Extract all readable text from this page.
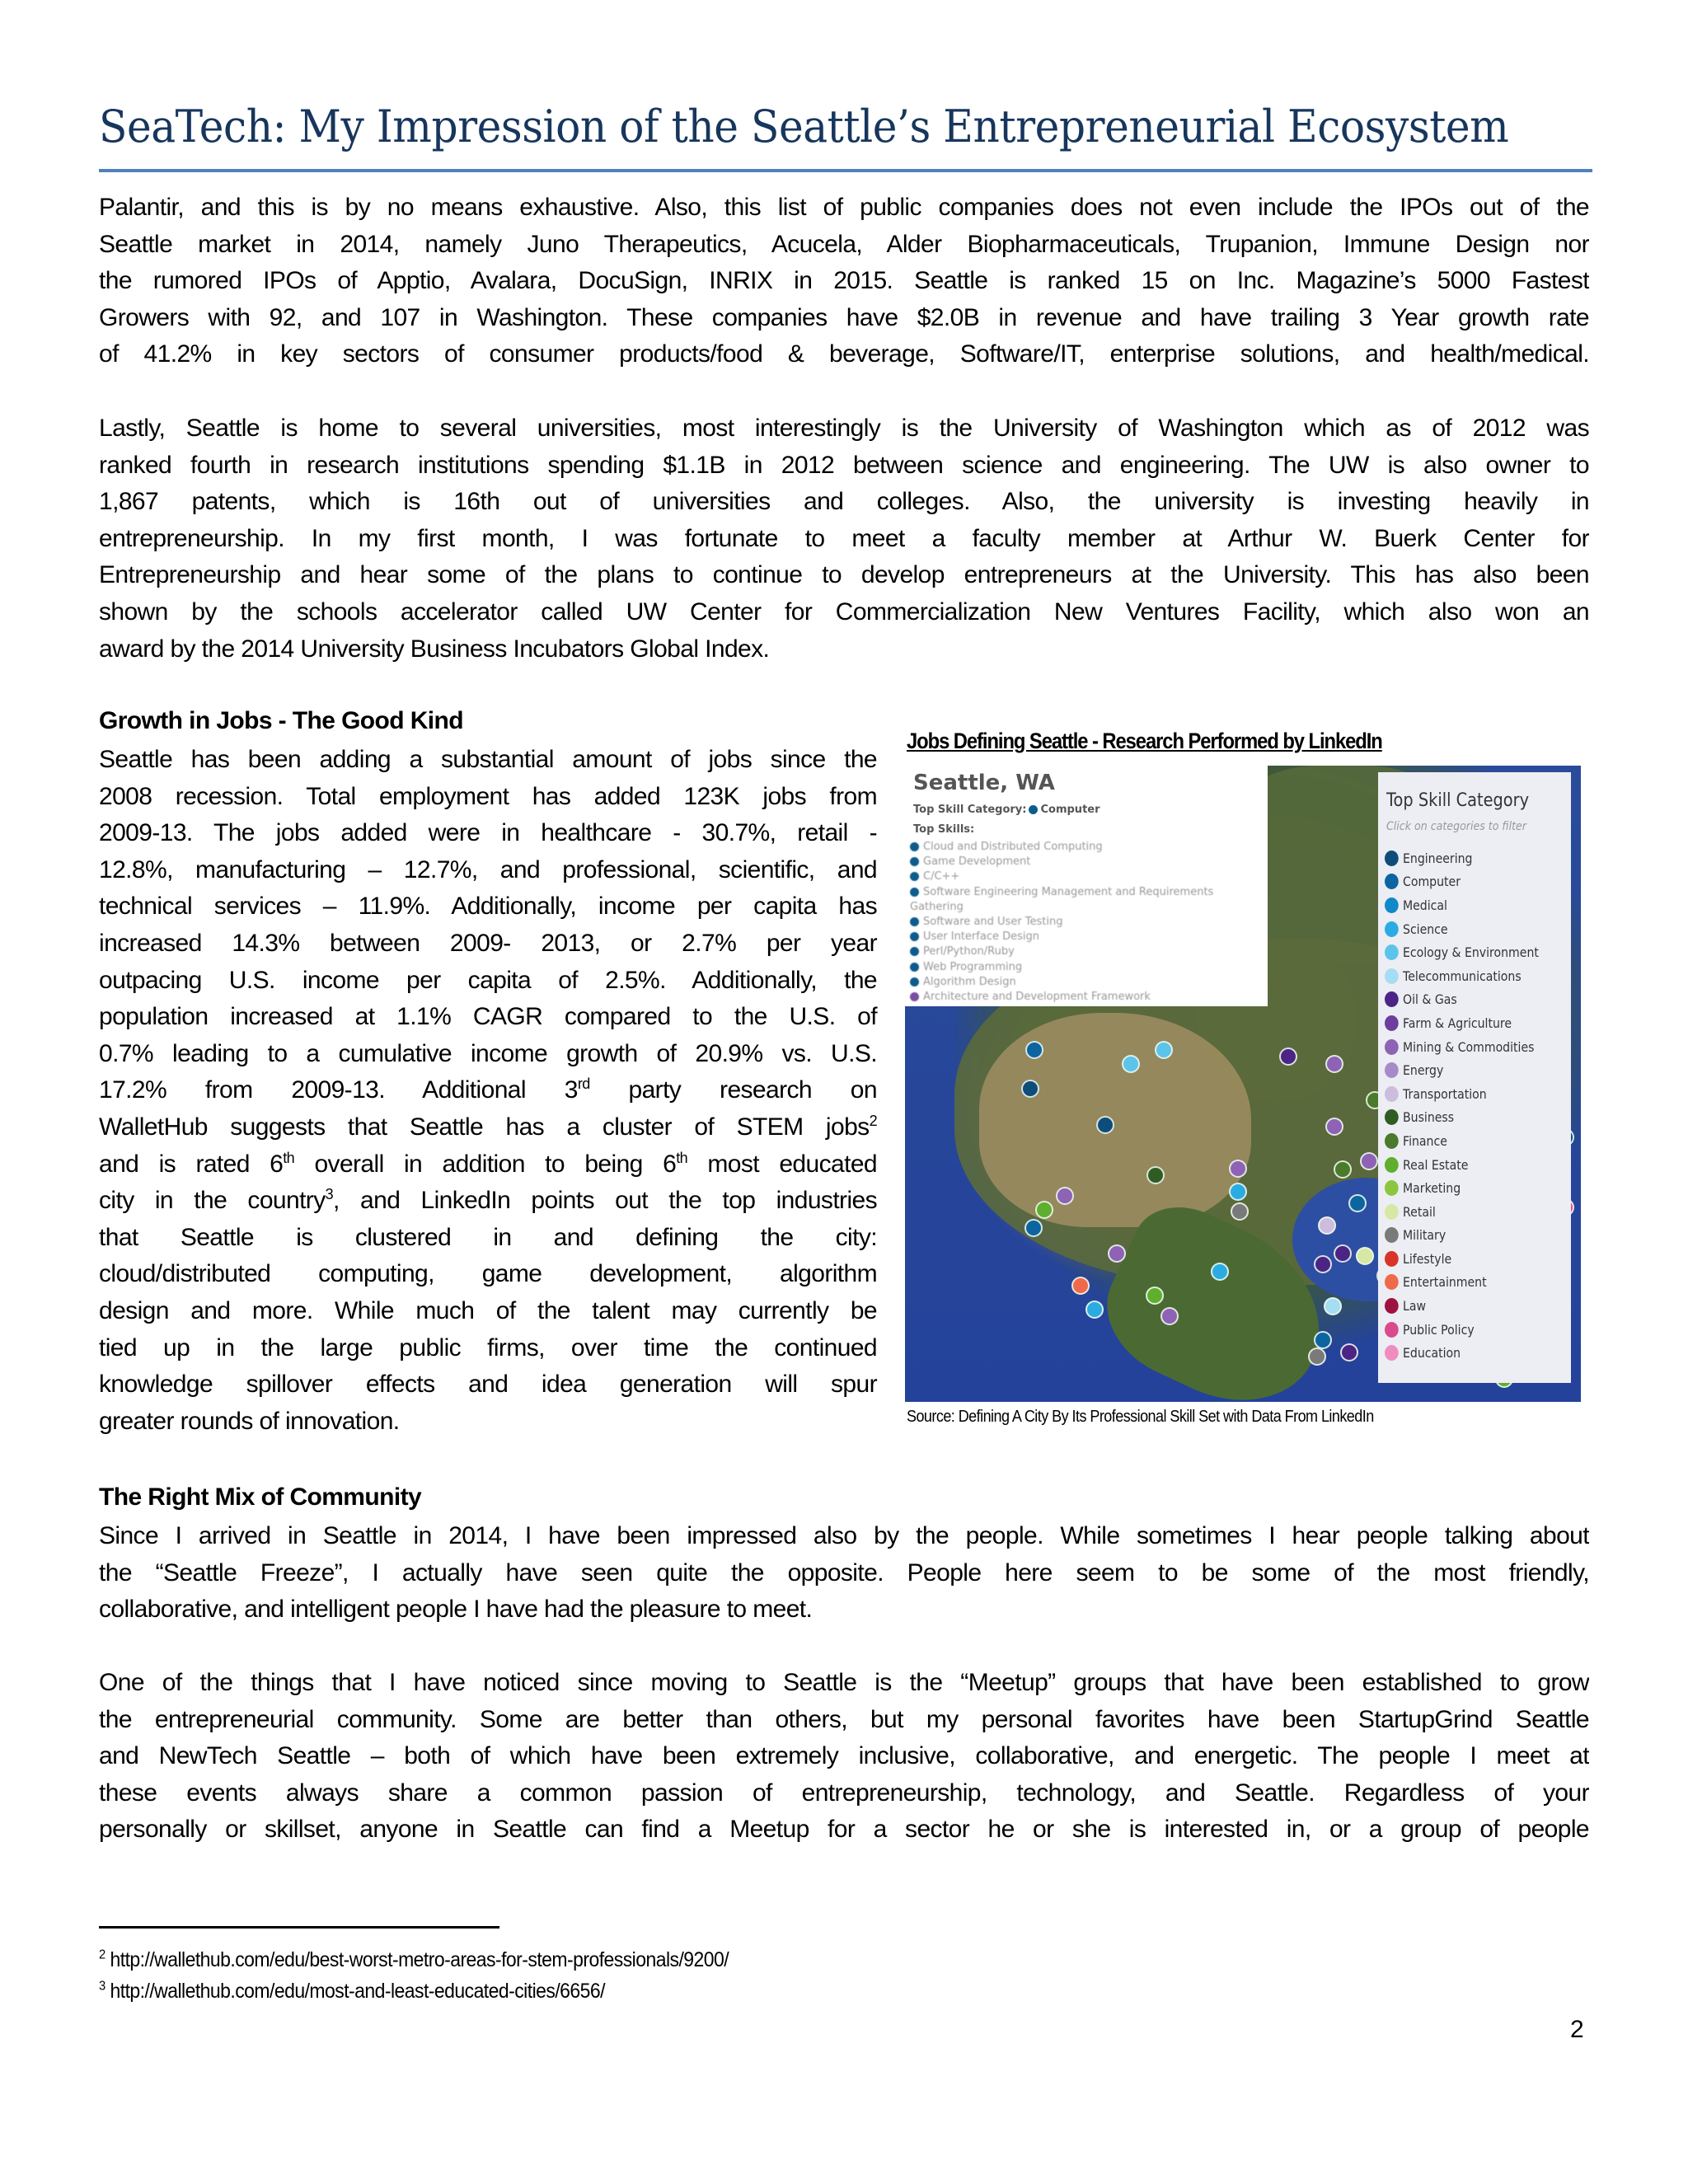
SeaTech: My Impression of the Seattle’s Entrepreneurial Ecosystem
Palantir, and this is by no means exhaustive. Also, this list of public companies does not even include the IPOs out of the
Seattle market in 2014, namely Juno Therapeutics, Acucela, Alder Biopharmaceuticals, Trupanion, Immune Design nor
the rumored IPOs of Apptio, Avalara, DocuSign, INRIX in 2015. Seattle is ranked 15 on Inc. Magazine’s 5000 Fastest
Growers with 92, and 107 in Washington. These companies have $2.0B in revenue and have trailing 3 Year growth rate
of 41.2% in key sectors of consumer products/food & beverage, Software/IT, enterprise solutions, and health/medical.
Lastly, Seattle is home to several universities, most interestingly is the University of Washington which as of 2012 was
ranked fourth in research institutions spending $1.1B in 2012 between science and engineering. The UW is also owner to
1,867 patents, which is 16th out of universities and colleges. Also, the university is investing heavily in
entrepreneurship. In my first month, I was fortunate to meet a faculty member at Arthur W. Buerk Center for
Entrepreneurship and hear some of the plans to continue to develop entrepreneurs at the University. This has also been
shown by the schools accelerator called UW Center for Commercialization New Ventures Facility, which also won an
award by the 2014 University Business Incubators Global Index.
Growth in Jobs - The Good Kind
Seattle has been adding a substantial amount of jobs since the
2008 recession. Total employment has added 123K jobs from
2009-13. The jobs added were in healthcare - 30.7%, retail -
12.8%, manufacturing – 12.7%, and professional, scientific, and
technical services – 11.9%. Additionally, income per capita has
increased 14.3% between 2009- 2013, or 2.7% per year
outpacing U.S. income per capita of 2.5%. Additionally, the
population increased at 1.1% CAGR compared to the U.S. of
0.7% leading to a cumulative income growth of 20.9% vs. U.S.
17.2% from 2009-13. Additional 3rd party research on
WalletHub suggests that Seattle has a cluster of STEM jobs$^2$
and is rated 6th overall in addition to being 6th most educated
city in the country$^3$, and LinkedIn points out the top industries
that Seattle is clustered in and defining the city:
cloud/distributed computing, game development, algorithm
design and more. While much of the talent may currently be
tied up in the large public firms, over time the continued
knowledge spillover effects and idea generation will spur
greater rounds of innovation.
Jobs Defining Seattle - Research Performed by LinkedIn
Seattle, WA
Top Skill Category: Computer
Top Skills:
Cloud and Distributed Computing
Game Development
C/C++
Software Engineering Management and Requirements
Gathering
Software and User Testing
User Interface Design
Perl/Python/Ruby
Web Programming
Algorithm Design
Architecture and Development Framework
Top Skill Category
Click on categories to filter
Engineering
Computer
Medical
Science
Ecology & Environment
Telecommunications
Oil & Gas
Farm & Agriculture
Mining & Commodities
Energy
Transportation
Business
Finance
Real Estate
Marketing
Retail
Military
Lifestyle
Entertainment
Law
Public Policy
Education
Source: Defining A City By Its Professional Skill Set with Data From LinkedIn
The Right Mix of Community
Since I arrived in Seattle in 2014, I have been impressed also by the people. While sometimes I hear people talking about
the “Seattle Freeze”, I actually have seen quite the opposite. People here seem to be some of the most friendly,
collaborative, and intelligent people I have had the pleasure to meet.
One of the things that I have noticed since moving to Seattle is the “Meetup” groups that have been established to grow
the entrepreneurial community. Some are better than others, but my personal favorites have been StartupGrind Seattle
and NewTech Seattle – both of which have been extremely inclusive, collaborative, and energetic. The people I meet at
these events always share a common passion of entrepreneurship, technology, and Seattle. Regardless of your
personally or skillset, anyone in Seattle can find a Meetup for a sector he or she is interested in, or a group of people
$^2$ http://wallethub.com/edu/best-worst-metro-areas-for-stem-professionals/9200/
$^3$ http://wallethub.com/edu/most-and-least-educated-cities/6656/
2
